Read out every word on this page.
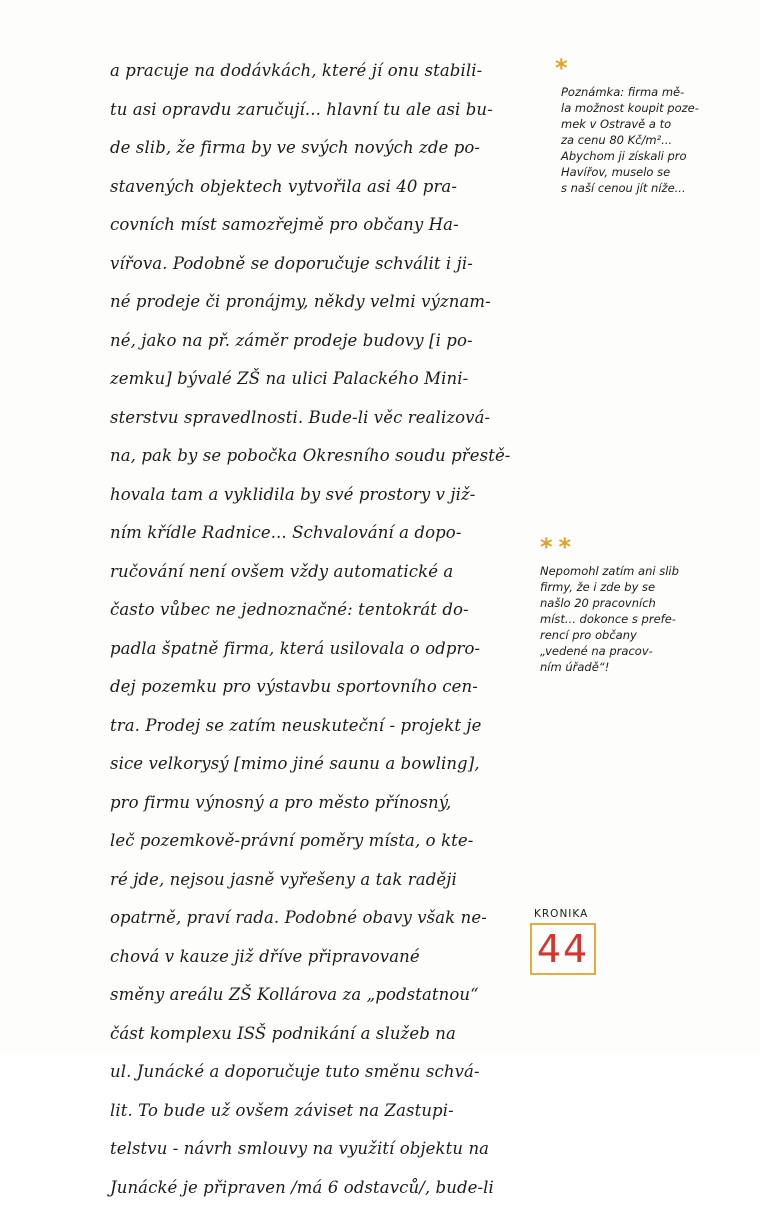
a pracuje na dodávkách, které jí onu stabili-
tu asi opravdu zaručují... hlavní tu ale asi bu-
de slib, že firma by ve svých nových zde po-
stavených objektech vytvořila asi 40 pra-
covních míst samozřejmě pro občany Ha-
vířova. Podobně se doporučuje schválit i ji-
né prodeje či pronájmy, někdy velmi význam-
né, jako na př. záměr prodeje budovy [i po-
zemku] bývalé ZŠ na ulici Palackého Mini-
sterstvu spravedlnosti. Bude-li věc realizová-
na, pak by se pobočka Okresního soudu přestě-
hovala tam a vyklidila by své prostory v již-
ním křídle Radnice... Schvalování a dopo-
ručování není ovšem vždy automatické a
často vůbec ne jednoznačné: tentokrát do-
padla špatně firma, která usilovala o odpro-
dej pozemku pro výstavbu sportovního cen-
tra. Prodej se zatím neuskuteční - projekt je
sice velkorysý [mimo jiné saunu a bowling],
pro firmu výnosný a pro město přínosný,
leč pozemkově-právní poměry místa, o kte-
ré jde, nejsou jasně vyřešeny a tak raději
opatrně, praví rada. Podobné obavy však ne-
chová v kauze již dříve připravované
směny areálu ZŠ Kollárova za „podstatnou“
část komplexu ISŠ podnikání a služeb na
ul. Junácké a doporučuje tuto směnu schvá-
lit. To bude už ovšem záviset na Zastupi-
telstvu - návrh smlouvy na využití objektu na
Junácké je připraven /má 6 odstavců/, bude-li
*
Poznámka: firma mě-
la možnost koupit poze-
mek v Ostravě a to
za cenu 80 Kč/m²...
Abychom ji získali pro
Havířov, muselo se
s naší cenou jít níže...
**
Nepomohl zatím ani slib
firmy, že i zde by se
našlo 20 pracovních
míst... dokonce s prefe-
rencí pro občany
„vedené na pracov-
ním úřadě“!
KRONIKA
44
